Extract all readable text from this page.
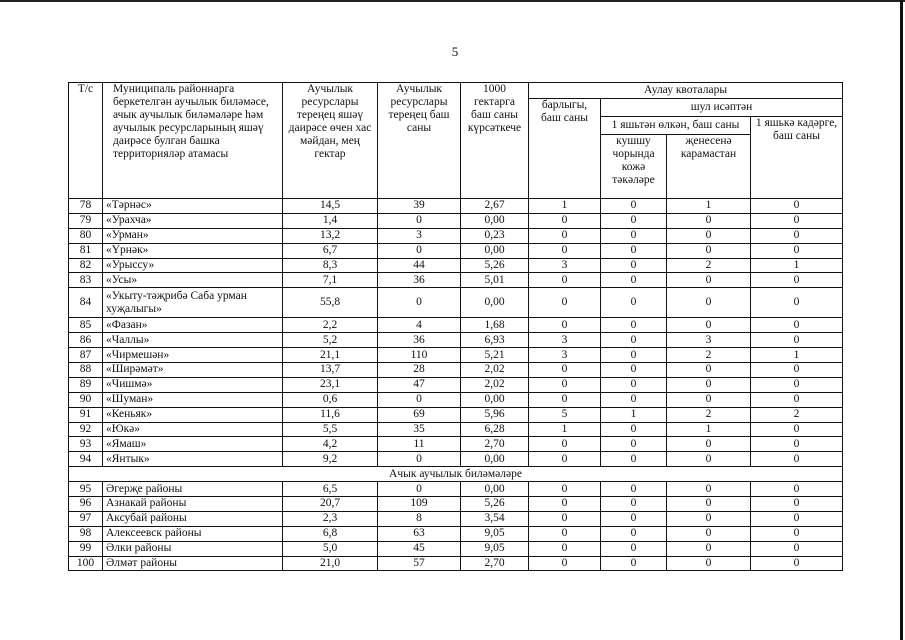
5
Т/с	Муниципаль районнарга беркетелгән аучылык биләмәсе, ачык аучылык биләмәләре һәм аучылык ресурсларының яшәү даирәсе булган башка территорияләр атамасы	Аучылык ресурслары тереңец яшәү даирәсе өчен хас мәйдан, мең гектар	Аучылык ресурслары тереңец баш саны	1000 гектарга баш саны күрсәткече	Аулау квоталары			
					барлыгы, баш саны	шул исәптән		
						1 яшьтән өлкән, баш саны		1 яшькә кадәрге, баш саны
						кушшу чорында кожә тәкәләре	җенесенә карамастан	
78	«Тәрнәс»	14,5	39	2,67	1	0	1	0
79	«Урахча»	1,4	0	0,00	0	0	0	0
80	«Урман»	13,2	3	0,23	0	0	0	0
81	«Үрнәк»	6,7	0	0,00	0	0	0	0
82	«Урыссу»	8,3	44	5,26	3	0	2	1
83	«Усы»	7,1	36	5,01	0	0	0	0
84	«Укыту-тәҗрибә Саба урман хуҗалыгы»	55,8	0	0,00	0	0	0	0
85	«Фазан»	2,2	4	1,68	0	0	0	0
86	«Чаллы»	5,2	36	6,93	3	0	3	0
87	«Чирмешән»	21,1	110	5,21	3	0	2	1
88	«Ширәмәт»	13,7	28	2,02	0	0	0	0
89	«Чишмә»	23,1	47	2,02	0	0	0	0
90	«Шуман»	0,6	0	0,00	0	0	0	0
91	«Кеньяк»	11,6	69	5,96	5	1	2	2
92	«Юкә»	5,5	35	6,28	1	0	1	0
93	«Ямаш»	4,2	11	2,70	0	0	0	0
94	«Янтык»	9,2	0	0,00	0	0	0	0
Ачык аучылык биләмәләре								
95	Әгерҗе районы	6,5	0	0,00	0	0	0	0
96	Азнакай районы	20,7	109	5,26	0	0	0	0
97	Аксубай районы	2,3	8	3,54	0	0	0	0
98	Алексеевск районы	6,8	63	9,05	0	0	0	0
99	Әлки районы	5,0	45	9,05	0	0	0	0
100	Әлмәт районы	21,0	57	2,70	0	0	0	0
